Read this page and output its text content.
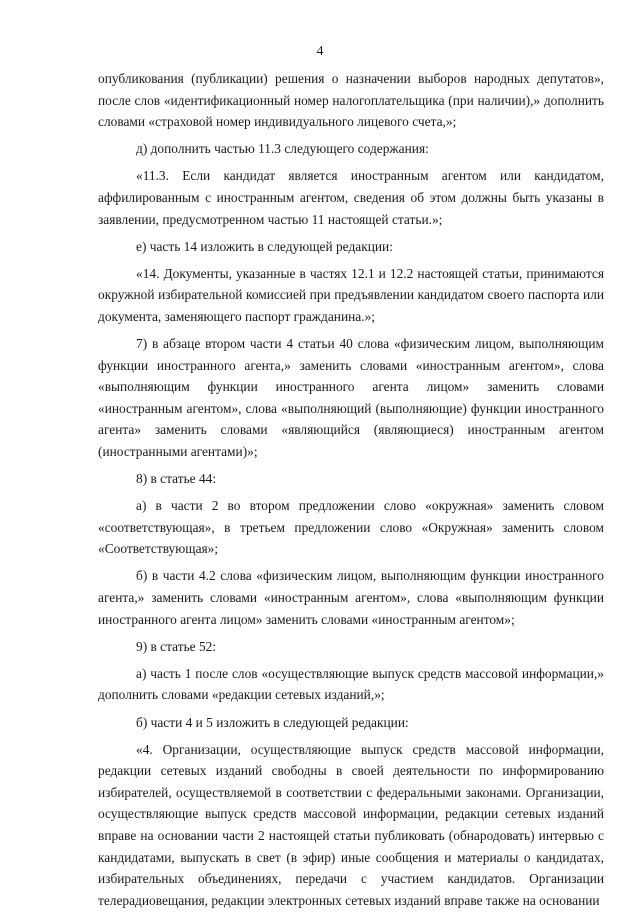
4

опубликования (публикации) решения о назначении выборов народных депутатов», после слов «идентификационный номер налогоплательщика (при наличии),» дополнить словами «страховой номер индивидуального лицевого счета,»;

д) дополнить частью 11.3 следующего содержания:

«11.3. Если кандидат является иностранным агентом или кандидатом, аффилированным с иностранным агентом, сведения об этом должны быть указаны в заявлении, предусмотренном частью 11 настоящей статьи.»;

е) часть 14 изложить в следующей редакции:

«14. Документы, указанные в частях 12.1 и 12.2 настоящей статьи, принимаются окружной избирательной комиссией при предъявлении кандидатом своего паспорта или документа, заменяющего паспорт гражданина.»;

7) в абзаце втором части 4 статьи 40 слова «физическим лицом, выполняющим функции иностранного агента,» заменить словами «иностранным агентом», слова «выполняющим функции иностранного агента лицом» заменить словами «иностранным агентом», слова «выполняющий (выполняющие) функции иностранного агента» заменить словами «являющийся (являющиеся) иностранным агентом (иностранными агентами)»;

8) в статье 44:

а) в части 2 во втором предложении слово «окружная» заменить словом «соответствующая», в третьем предложении слово «Окружная» заменить словом «Соответствующая»;

б) в части 4.2 слова «физическим лицом, выполняющим функции иностранного агента,» заменить словами «иностранным агентом», слова «выполняющим функции иностранного агента лицом» заменить словами «иностранным агентом»;

9) в статье 52:

а) часть 1 после слов «осуществляющие выпуск средств массовой информации,» дополнить словами «редакции сетевых изданий,»;

б) части 4 и 5 изложить в следующей редакции:

«4. Организации, осуществляющие выпуск средств массовой информации, редакции сетевых изданий свободны в своей деятельности по информированию избирателей, осуществляемой в соответствии с федеральными законами. Организации, осуществляющие выпуск средств массовой информации, редакции сетевых изданий вправе на основании части 2 настоящей статьи публиковать (обнародовать) интервью с кандидатами, выпускать в свет (в эфир) иные сообщения и материалы о кандидатах, избирательных объединениях, передачи с участием кандидатов. Организации телерадиовещания, редакции электронных сетевых изданий вправе также на основании
